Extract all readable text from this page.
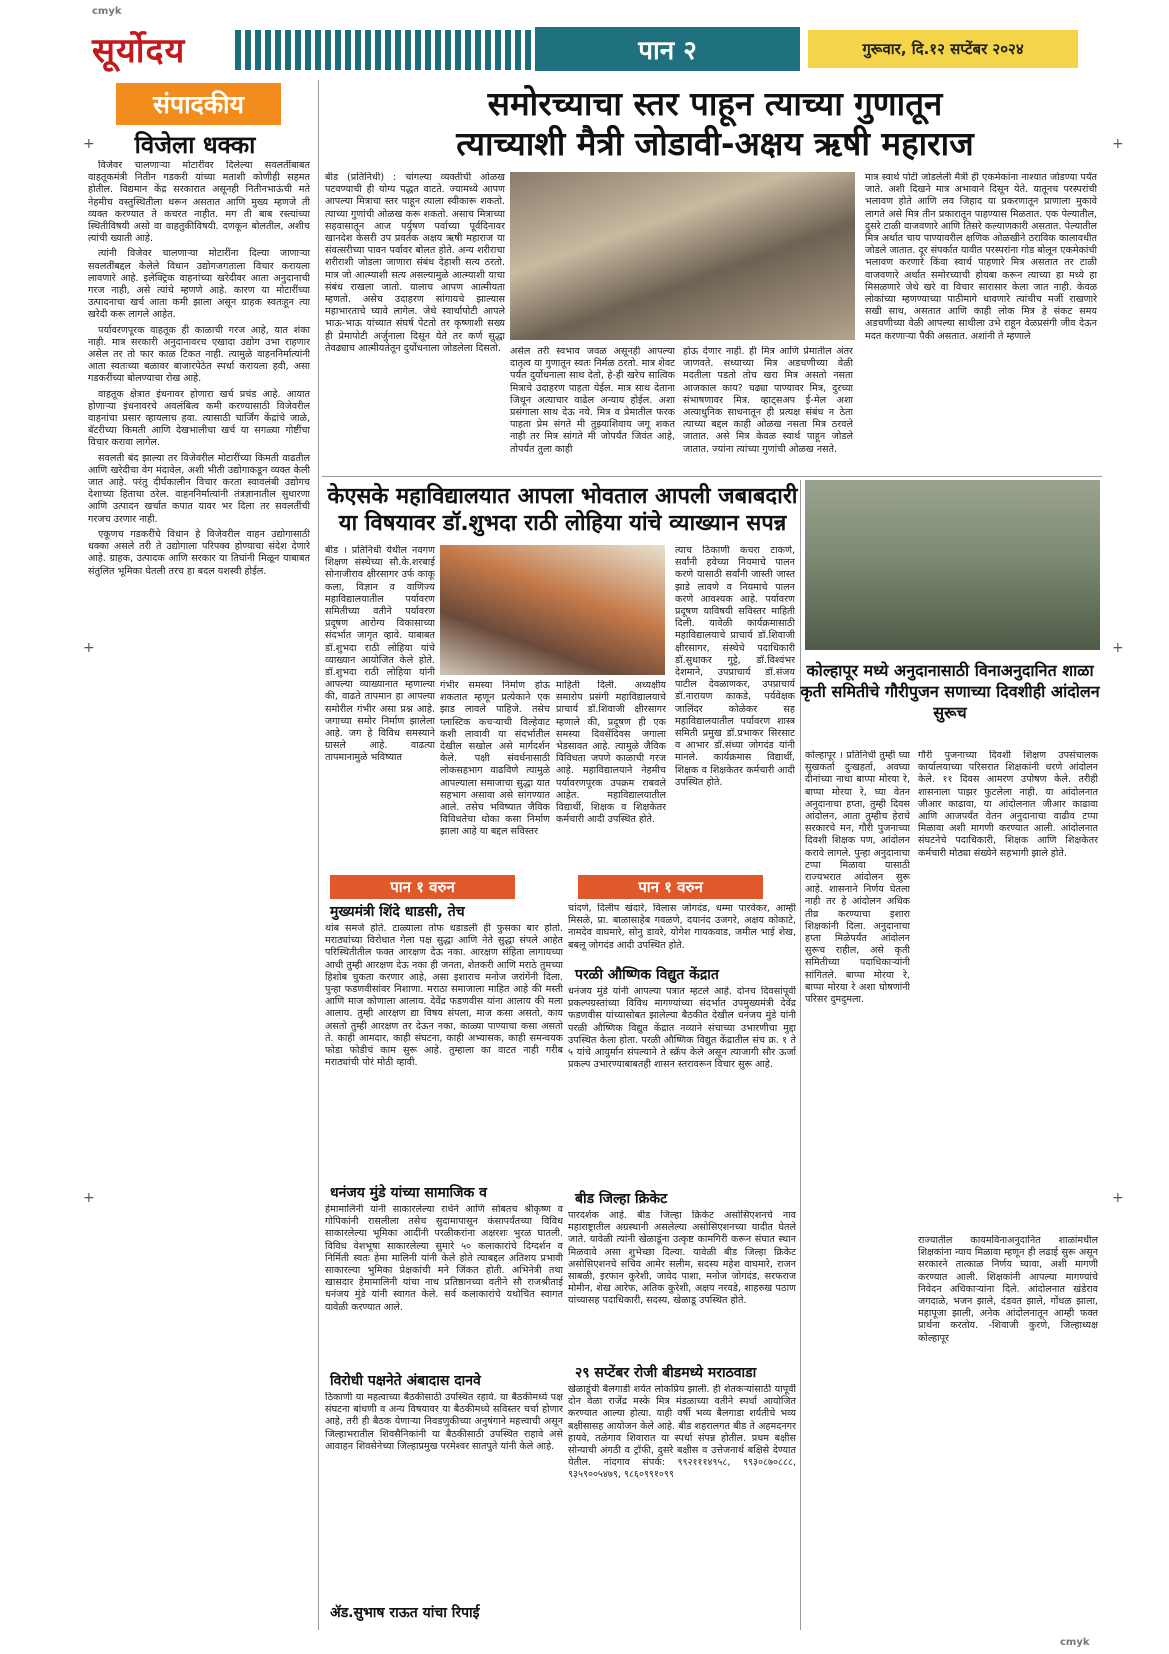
cmyk
cmyk
सूर्योदय	पान २	गुरूवार, दि.१२ सप्टेंबर २०२४
+
+
+
+
+
+
संपादकीय
विजेला धक्का

विजेवर चालणाऱ्या मोटारींवर दिलेल्या सवलतींबाबत वाहतूकमंत्री नितीन गडकरी यांच्या मताशी कोणीही सहमत होतील. विद्यमान केंद्र सरकारात असूनही नितीनभाऊंची मते नेहमीच वस्तुस्थितीला धरून असतात आणि मुख्य म्हणजे ती व्यक्त करण्यात ते कचरत नाहीत. मग ती बाब रस्त्यांच्या स्थितीविषयी असो वा वाहतुकीविषयी. दणकून बोलतील, अशीच त्यांची ख्याती आहे.

त्यांनी विजेवर चालणाऱ्या मोटारींना दिल्या जाणाऱ्या सवलतींबद्दल केलेले विधान उद्योगजगताला विचार करायला लावणारे आहे. इलेक्ट्रिक वाहनांच्या खरेदीवर आता अनुदानाची गरज नाही, असे त्यांचे म्हणणे आहे. कारण या मोटारींच्या उत्पादनाचा खर्च आता कमी झाला असून ग्राहक स्वतःहून त्या खरेदी करू लागले आहेत.

पर्यावरणपूरक वाहतूक ही काळाची गरज आहे, यात शंका नाही. मात्र सरकारी अनुदानावरच एखादा उद्योग उभा राहणार असेल तर तो फार काळ टिकत नाही. त्यामुळे वाहननिर्मात्यांनी आता स्वतःच्या बळावर बाजारपेठेत स्पर्धा करायला हवी, असा गडकरींच्या बोलण्याचा रोख आहे.

वाहतूक क्षेत्रात इंधनावर होणारा खर्च प्रचंड आहे. आयात होणाऱ्या इंधनावरचे अवलंबित्व कमी करण्यासाठी विजेवरील वाहनांचा प्रसार व्हायलाच हवा. त्यासाठी चार्जिंग केंद्रांचे जाळे, बॅटरीच्या किमती आणि देखभालीचा खर्च या सगळ्या गोष्टींचा विचार करावा लागेल.

सवलती बंद झाल्या तर विजेवरील मोटारींच्या किमती वाढतील आणि खरेदीचा वेग मंदावेल, अशी भीती उद्योगाकडून व्यक्त केली जात आहे. परंतु दीर्घकालीन विचार करता स्वावलंबी उद्योगच देशाच्या हिताचा ठरेल. वाहननिर्मात्यांनी तंत्रज्ञानातील सुधारणा आणि उत्पादन खर्चात कपात यावर भर दिला तर सवलतींची गरजच उरणार नाही.

एकूणच गडकरींचे विधान हे विजेवरील वाहन उद्योगासाठी धक्का असले तरी ते उद्योगाला परिपक्व होण्याचा संदेश देणारे आहे. ग्राहक, उत्पादक आणि सरकार या तिघांनी मिळून याबाबत संतुलित भूमिका घेतली तरच हा बदल यशस्वी होईल.

समोरच्याचा स्तर पाहून त्याच्या गुणातून
त्याच्याशी मैत्री जोडावी-अक्षय ऋषी महाराज
बीड (प्रतिनिधी) : चांगल्या व्यक्तीची ओळख पटवण्याची ही योग्य पद्धत वाटते. ज्यामध्ये आपण आपल्या मित्राचा स्तर पाहून त्याला स्वीकारू शकतो. त्याच्या गुणांची ओळख करू शकतो. असाच मित्राच्या सहवासातून आज पर्युषण पर्वाच्या पूर्वदिनावर खानदेश केसरी उप प्रवर्तक अक्षय ऋषी महाराज या संवत्सरीच्या पावन पर्वावर बोलत होते. अन्य शरीराचा शरीराशी जोडला जाणारा संबंध देहाशी सत्य ठरतो. मात्र जो आत्म्याशी सत्य असल्यामुळे आत्म्याशी याचा संबंध राखला जातो. यालाच आपण आत्मीयता म्हणतो. असेच उदाहरण सांगायचे झाल्यास महाभारताचे घ्यावे लागेल. जेथे स्वार्थापोटी आपले भाऊ-भाऊ यांच्यात संघर्ष पेटतो तर कृष्णाशी सख्य ही प्रेमापोटी अर्जुनाला दिसून येते तर कर्ण सुद्धा तेवढ्याच आत्मीयतेतून दुर्योधनाला जोडलेला दिसतो. असेल तरी स्वभाव जवळ असूनही आपल्या दातृत्व या गुणातून स्वतः निर्मळ ठरतो. मात्र शेवट पर्यंत दुर्योधनाला साथ देतो, हे-ही खरेच सात्विक मित्राचे उदाहरण पाहता येईल. मात्र साथ देताना जिथून अत्याचार वाढेल अन्याय होईल. अशा प्रसंगाला साथ देऊ नये. मित्र व प्रेमातील फरक पाहता प्रेम संगते मी तुझ्याशिवाय जगू शकत नाही तर मित्र सांगते मी जोपर्यंत जिवंत आहे, तोपर्यंत तुला काही
होऊ देणार नाही. ही मित्र आणि प्रेमातील अंतर जाणवते. सध्याच्या मित्र अडचणीच्या वेळी मदतीला पडतो तोच खरा मित्र असतो नसता आजकाल काय? चढ्या पाण्यावर मित्र, दुरच्या संभाषणावर मित्र. व्हाट्सअप ई-मेल अशा अत्याधुनिक साधनातून ही प्रत्यक्ष संबंध न ठेता त्याच्या बद्दल काही ओळख नसता मित्र ठरवले जातात. असे मित्र केवळ स्वार्थ पाहून जोडले जातात. ज्यांना त्यांच्या गुणांची ओळख नसते.
मात्र स्वार्थ पोटी जोडलेली मैत्री ही एकमेकांना नाश्यात जोडण्या पर्यंत जाते. अशी दिखने मात्र अभावाने दिसून येते. यातूनच परस्परांची भलावण होते आणि लव जिहाद या प्रकरणातून प्राणाला मुकावे लागते असे मित्र तीन प्रकारातून पाहण्यास मिळतात. एक पेल्यातील, दुसरे टाळी वाजवणारे आणि तिसरे कल्याणकारी असतात. पेल्यातील मित्र अर्थात चाय पाण्यावरील क्षणिक ओळखीने ठराविक कालावधीत जोडले जातात. दूर संपर्कात यावीत परस्परांना गोड बोलून एकमेकांची भलावण करणारे किंवा स्वार्थ पाहणारे मित्र असतात तर टाळी वाजवणारे अर्थात समोरच्याची होयबा करून त्याच्या हा मध्ये हा मिसळणारे जेथे खरे वा विचार सारासार केला जात नाही. केवळ लोकांच्या म्हणण्याच्या पाठीमागे धावणारे त्यांचीच मर्जी राखणारे सखी साथ, असतात आणि काही लोक मित्र हे संकट समय अडचणीच्या वेळी आपल्या साथीला उभे राहून वेळप्रसंगी जीव देऊन मदत करणार्‍या पैकी असतात. अशांनी ते म्हणाले
केएसके महाविद्यालयात आपला भोवताल आपली जबाबदारी
या विषयावर डॉ.शुभदा राठी लोहिया यांचे व्याख्यान सपन्न
बीड । प्रतिनिधी येथील नवगण शिक्षण संस्थेच्या सौ.के.शरबाई सोनाजीराव क्षीरसागर उर्फ काकू कला, विज्ञान व वाणिज्य महाविद्यालयातील पर्यावरण समितीच्या वतीने पर्यावरण प्रदूषण आरोग्य विकासाच्या संदर्भात जागृत व्हावे. याबाबत डॉ.शुभदा राठी लोहिया यांचे व्याख्यान आयोजित केले होते. डॉ.शुभदा राठी लोहिया यांनी आपल्या व्याख्यानात म्हणाल्या की, वाढते तापमान हा आपल्या समोरील गंभीर असा प्रश्न आहे. जगाच्या समोर निर्माण झालेला आहे. जग हे विविध समस्याने ग्रासले आहे. वाढत्या तापमानामुळे भविष्यात
गंभीर समस्या निर्माण होऊ शकतात म्हणून प्रत्येकाने एक झाड लावले पाहिजे. तसेच प्लास्टिक कचर्‍याची विल्हेवाट कशी लावावी या संदर्भातील देखील सखोल असे मार्गदर्शन केले. पक्षी संवर्धनासाठी लोकसहभाग वाढविणे त्यामुळे आपल्याला समाजाचा सुद्धा यात सहभाग असावा असे सांगण्यात आले. तसेच भविष्यात जैविक विविधतेचा धोका कसा निर्माण झाला आहे या बद्दल सविस्तर
माहिती दिली. अध्यक्षीय समारोप प्रसंगी महाविद्यालयाचे प्राचार्य डॉ.शिवाजी क्षीरसागर म्हणाले की, प्रदूषण ही एक समस्या दिवसेंदिवस जगाला भेडसावत आहे. त्यामुळे जैविक विविधता जपणे काळाची गरज आहे. महाविद्यालयाने नेहमीच पर्यावरणपूरक उपक्रम राबवले आहेत. महाविद्यालयातील विद्यार्थी, शिक्षक व शिक्षकेतर कर्मचारी आदी उपस्थित होते.
त्याच ठिकाणी कचरा टाकणे, सर्वांनी हवेच्या नियमाचे पालन करणे यासाठी सर्वांनी जास्ती जास्त झाडे लावणे व नियमाचे पालन करणे आवश्यक आहे. पर्यावरण प्रदूषण याविषयी सविस्तर माहिती दिली. यावेळी कार्यक्रमासाठी महाविद्यालयाचे प्राचार्य डॉ.शिवाजी क्षीरसागर, संस्थेचे पदाधिकारी डॉ.सुधाकर गुट्टे, डॉ.विश्वंभर देशमाने, उपप्राचार्य डॉ.संजय पाटील देवळाणकर, उपप्राचार्य डॉ.नारायण काकडे, पर्यवेक्षक जालिंदर कोळेकर सह महाविद्यालयातील पर्यावरण शास्त्र समिती प्रमुख डॉ.प्रभाकर सिरसाट व आभार डॉ.संध्या जोगदंड यांनी मानले. कार्यक्रमास विद्यार्थी, शिक्षक व शिक्षकेतर कर्मचारी आदी उपस्थित होते.
कोल्हापूर मध्ये अनुदानासाठी विनाअनुदानित शाळा कृती समितीचे गौरीपुजन सणाच्या दिवशीही आंदोलन सुरूच
कोल्हापूर । प्रतिनिधी तुम्ही घ्या सुखकर्ता दुःखहर्ता, अवघ्या दीनांच्या नाथा बाप्पा मोरया रे, बाप्पा मोरया रे, घ्या वेतन अनुदानाचा हप्ता, तुम्ही दिवस आंदोलन, आता तुम्हीच हेराचे सरकारचे मन, गौरी पुजनाच्या दिवशी शिक्षक पण, आंदोलन करावे लागले. पुन्हा अनुदानाचा टप्पा मिळावा यासाठी राज्यभरात आंदोलन सुरू आहे. शासनाने निर्णय घेतला नाही तर हे आंदोलन अधिक तीव्र करण्याचा इशारा शिक्षकांनी दिला. अनुदानाचा हप्ता मिळेपर्यंत आंदोलन सुरूच राहील, असे कृती समितीच्या पदाधिकाऱ्यांनी सांगितले. बाप्पा मोरया रे, बाप्पा मोरया रे अशा घोषणांनी परिसर दुमदुमला.
गौरी पुजनाच्या दिवशी शिक्षण उपसंचालक कार्यालयाच्या परिसरात शिक्षकांनी धरणे आंदोलन केले. ११ दिवस आमरण उपोषण केले. तरीही शासनाला पाझर फुटलेला नाही. या आंदोलनात जीआर काढावा, या आंदोलनात जीआर काढावा आणि आजपर्यंत वेतन अनुदानाचा वाढीव टप्पा मिळावा अशी मागणी करण्यात आली. आंदोलनात संघटनेचे पदाधिकारी, शिक्षक आणि शिक्षकेतर कर्मचारी मोठ्या संख्येने सहभागी झाले होते.
राज्यातील कायमविनाअनुदानित शाळांमधील शिक्षकांना न्याय मिळावा म्हणून ही लढाई सुरू असून सरकारने तात्काळ निर्णय घ्यावा, अशी मागणी करण्यात आली. शिक्षकांनी आपल्या मागण्यांचे निवेदन अधिकाऱ्यांना दिले. आंदोलनात खंडेराव जगदाळे, भजन झाले, दंडवत झाले, गोंधळ झाला, महापूजा झाली, अनेक आंदोलनातून आम्ही फक्त प्रार्थना करतोय. -शिवाजी कुरणे, जिल्हाध्यक्ष कोल्हापूर
पान १ वरुन
मुख्यमंत्री शिंदे धाडसी, तेच
थांब समजे होते. टाळ्याला तोफ धडाडली ही फुसका बार होतो. मराठ्यांच्या विरोधात गेला पक्ष सुद्धा आणि नेते सुद्धा संपले आहेत परिस्थितीतील फक्त आरक्षण देऊ नका. आरक्षण संहिता लागायच्या आधी तुम्ही आरक्षण देऊ नका ही जनता, शेतकरी आणि मराठे तुमच्या हिशोब चुकता करणार आहे, असा इशाराच मनोज जरांगेंनी दिला. पुन्हा फडणवीसांवर निशाणा. मराठा समाजाला माहित आहे की मस्ती आणि माज कोणाला आलाय. देवेंद्र फडणवीस यांना आलाय की मला आलाय. तुम्ही आरक्षण द्या विषय संपला, माज कसा असतो, काय असतो तुम्ही आरक्षण तर देऊन नका, काळ्या पाण्याचा कसा असतो ते. काही आमदार, काही संघटना, काही अभ्यासक, काही समन्वयक फोडा फोडीचं काम सुरू आहे. तुम्हाला का वाटत नाही गरीब मराठ्यांची पोरं मोठी व्हावी.
धनंजय मुंडे यांच्या सामाजिक व
हेमामालिनी यांनी साकारलेल्या राधेने आणि सोबतच श्रीकृष्ण व गोपिकांनी रासलीला तसेच सुदामापासून कंसापर्यंतच्या विविध साकारलेल्या भूमिका आदींनी परळीकरांना अक्षरशः भुरळ घातली. विविध वेशभूषा साकारलेल्या सुमारे ५० कलाकारांचे दिग्दर्शन व निर्मिती स्वतः हेमा मालिनी यांनी केले होते त्याबद्दल अतिशय प्रभावी साकारल्या भुमिका प्रेक्षकांची मने जिंकत होती. अभिनेत्री तथा खासदार हेमामालिनी यांचा नाथ प्रतिष्ठानच्या वतीने सौ राजश्रीताई धनंजय मुंडे यांनी स्वागत केले. सर्व कलाकारांचे यथोचित स्वागत यावेळी करण्यात आले.
विरोधी पक्षनेते अंबादास दानवे
ठिकाणी या महत्वाच्या बैठकीसाठी उपस्थित रहावे. या बैठकीमध्ये पक्ष संघटना बांधणी व अन्य विषयावर या बैठकीमध्ये सविस्तर चर्चा होणार आहे, तरी ही बैठक येणाऱ्या निवडणुकीच्या अनुषंगाने महत्त्वाची असून जिल्हाभरातील शिवसैनिकांनी या बैठकीसाठी उपस्थित राहावे असे आवाहन शिवसेनेच्या जिल्हाप्रमुख परमेश्वर सातपुते यांनी केले आहे.
ॲड.सुभाष राऊत यांचा रिपाई
पान १ वरुन
चांदणे, दिलीप खंदारे, विलास जोगदंड, धम्मा पारवेकर, आम्ही मिसळे, प्रा. बाळासाहेब गवळणे, दयानंद उजगरे, अक्षय कोकाटे, नामदेव वाघमारे, सोनु डावरे, योगेश गायकवाड, जमील भाई शेख, बबलू जोगदंड आदी उपस्थित होते.
परळी औष्णिक विद्युत केंद्रात
धनंजय मुंडे यांनी आपल्या पत्रात म्हटले आहे. दोनच दिवसांपूर्वी प्रकल्पग्रस्तांच्या विविध मागण्यांच्या संदर्भात उपमुख्यमंत्री देवेंद्र फडणवीस यांच्यासोबत झालेल्या बैठकीत देखील धनंजय मुंडे यांनी परळी औष्णिक विद्युत केंद्रात नव्याने संचाच्या उभारणीचा मुद्दा उपस्थित केला होता. परळी औष्णिक विद्युत केंद्रातील संच क्र. १ ते ५ यांचे आयुर्मान संपल्याने ते स्क्रॅप केले असून त्याजागी सौर ऊर्जा प्रकल्प उभारण्याबाबतही शासन स्तरावरून विचार सुरू आहे.
बीड जिल्हा क्रिकेट
पारदर्शक आहे. बीड जिल्हा क्रिकेट असोसिएशनचे नाव महाराष्ट्रातील अग्रस्थानी असलेल्या असोसिएशनच्या यादीत घेतले जाते. यावेळी त्यांनी खेळाडूंना उत्कृष्ट कामगिरी करून संघात स्थान मिळवावे असा शुभेच्छा दिल्या. यावेळी बीड जिल्हा क्रिकेट असोसिएशनचे सचिव आमेर सलीम, सदस्य महेश वाघमारे, राजन साबळी, इरफान कुरेशी, जावेद पाशा, मनोज जोगदंड, सरफराज मोमीन, शेख आरेफ, अतिक कुरेशी, अक्षय नरवडे, शाहरुख पठाण यांच्यासह पदाधिकारी, सदस्य, खेळाडू उपस्थित होते.
२९ सप्टेंबर रोजी बीडमध्ये मराठवाडा
खेळाडूंची बैलगाडी शर्यत लोकप्रिय झाली. ही शेतकऱ्यांसाठी यापूर्वी दोन वेळा राजेंद्र मस्के मित्र मंडळाच्या वतीने स्पर्धा आयोजित करण्यात आल्या होत्या. याही वर्षी भव्य बैलगाडा शर्यतीचे भव्य बक्षीसासह आयोजन केले आहे. बीड शहरालगत बीड ते अहमदनगर हायवे, तळेगाव शिवारात या स्पर्धा संपन्न होतील. प्रथम बक्षीस सोन्याची अंगठी व ट्रॉफी, दुसरे बक्षीस व उत्तेजनार्थ बक्षिसे देण्यात येतील. नांदगाव संपर्क: ९९२१११४९५८, ९९३०८७०८८८, ९३५९००५४७९, ९८६०९९१०९९
